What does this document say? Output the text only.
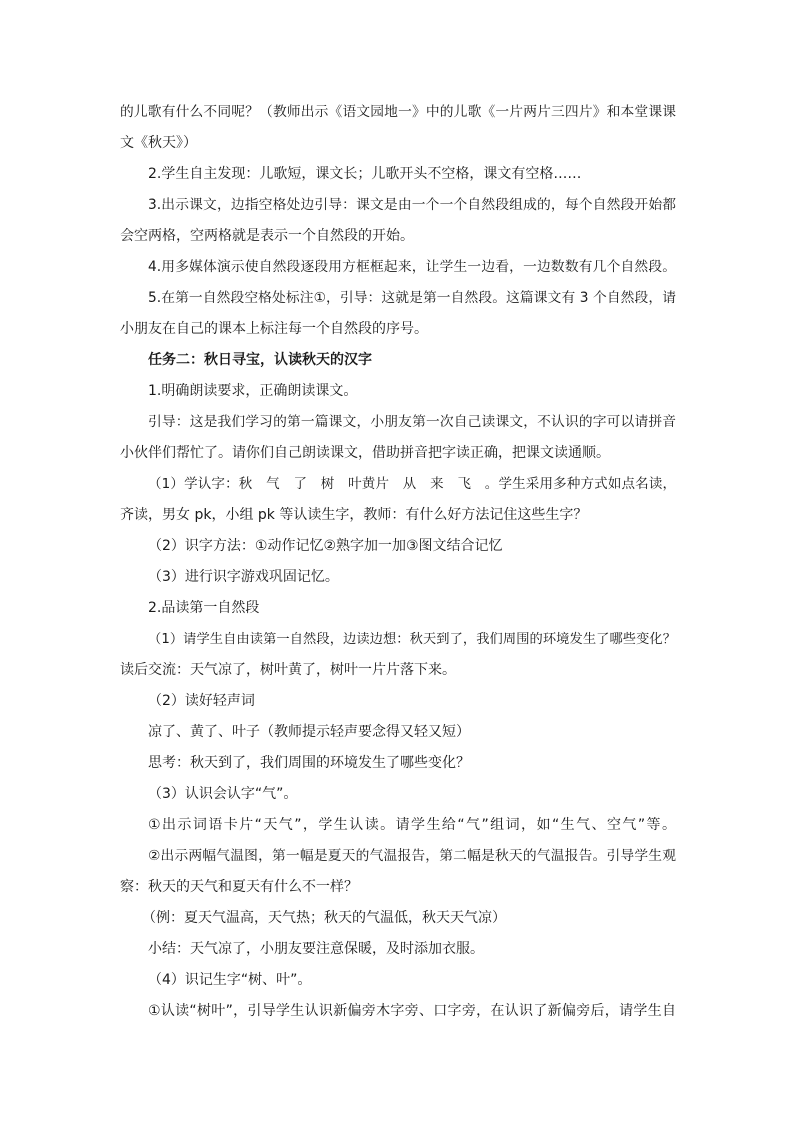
的儿歌有什么不同呢？（教师出示《语文园地一》中的儿歌《一片两片三四片》和本堂课课
文《秋天》）
2.学生自主发现：儿歌短，课文长；儿歌开头不空格，课文有空格……
3.出示课文，边指空格处边引导：课文是由一个一个自然段组成的，每个自然段开始都
会空两格，空两格就是表示一个自然段的开始。
4.用多媒体演示使自然段逐段用方框框起来，让学生一边看，一边数数有几个自然段。
5.在第一自然段空格处标注①，引导：这就是第一自然段。这篇课文有 3 个自然段，请
小朋友在自己的课本上标注每一个自然段的序号。
任务二：秋日寻宝，认读秋天的汉字
1.明确朗读要求，正确朗读课文。
引导：这是我们学习的第一篇课文，小朋友第一次自己读课文，不认识的字可以请拼音
小伙伴们帮忙了。请你们自己朗读课文，借助拼音把字读正确，把课文读通顺。
（1）学认字：秋　气　了　树　叶黄片　从　来　飞　。学生采用多种方式如点名读，
齐读，男女 pk，小组 pk 等认读生字，教师：有什么好方法记住这些生字？
（2）识字方法：①动作记忆②熟字加一加③图文结合记忆
（3）进行识字游戏巩固记忆。
2.品读第一自然段
（1）请学生自由读第一自然段，边读边想：秋天到了，我们周围的环境发生了哪些变化？
读后交流：天气凉了，树叶黄了，树叶一片片落下来。
（2）读好轻声词
凉了、黄了、叶子（教师提示轻声要念得又轻又短）
思考：秋天到了，我们周围的环境发生了哪些变化？
（3）认识会认字“气”。
①出示词语卡片“天气”，学生认读。请学生给“气”组词，如“生气、空气”等。
②出示两幅气温图，第一幅是夏天的气温报告，第二幅是秋天的气温报告。引导学生观
察：秋天的天气和夏天有什么不一样？
（例：夏天气温高，天气热；秋天的气温低，秋天天气凉）
小结：天气凉了，小朋友要注意保暖，及时添加衣服。
（4）识记生字“树、叶”。
①认读“树叶”，引导学生认识新偏旁木字旁、口字旁，在认识了新偏旁后，请学生自
